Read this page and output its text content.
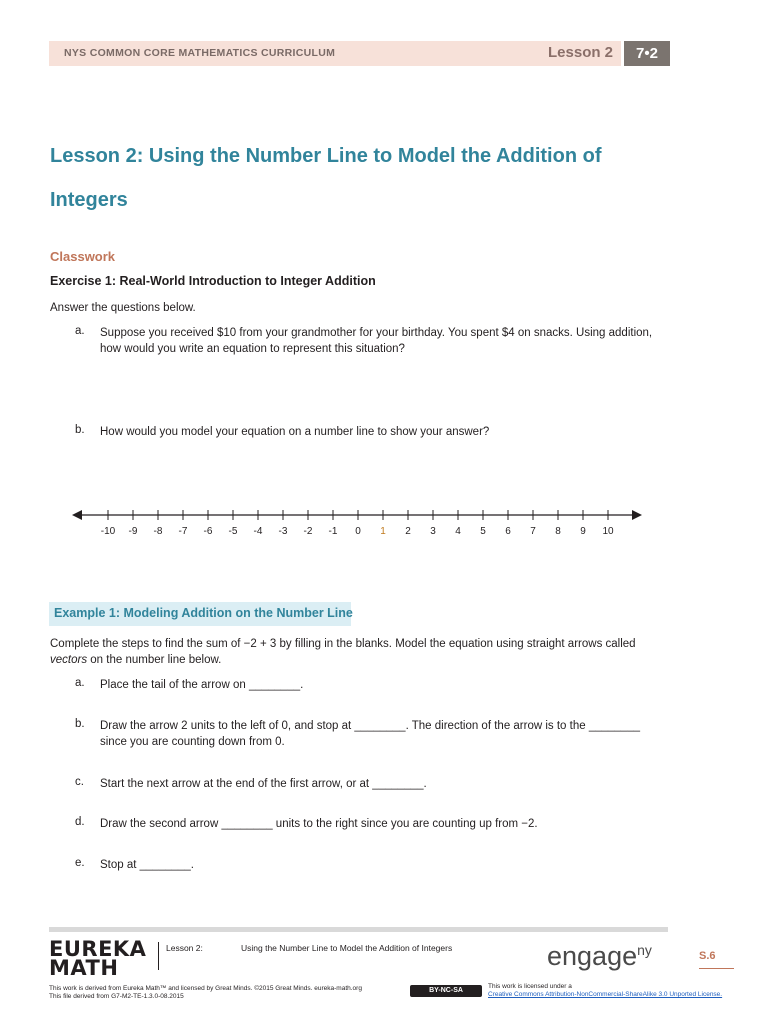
NYS COMMON CORE MATHEMATICS CURRICULUM	Lesson 2	7•2
Lesson 2: Using the Number Line to Model the Addition of
Integers
Classwork
Exercise 1: Real-World Introduction to Integer Addition
Answer the questions below.
a. Suppose you received $10 from your grandmother for your birthday. You spent $4 on snacks. Using addition, how would you write an equation to represent this situation?
b. How would you model your equation on a number line to show your answer?
-10 -9 -8 -7 -6 -5 -4 -3 -2 -1 0 1 2 3 4 5 6 7 8 9 10
Example 1: Modeling Addition on the Number Line
Complete the steps to find the sum of −2 + 3 by filling in the blanks. Model the equation using straight arrows called vectors on the number line below.
a. Place the tail of the arrow on ________.
b. Draw the arrow 2 units to the left of 0, and stop at ________. The direction of the arrow is to the ________ since you are counting down from 0.
c. Start the next arrow at the end of the first arrow, or at ________.
d. Draw the second arrow ________ units to the right since you are counting up from −2.
e. Stop at ________.
EUREKA
MATH
Lesson 2:	Using the Number Line to Model the Addition of Integers	engage$^{ny}$	S.6
This work is derived from Eureka Math™ and licensed by Great Minds. ©2015 Great Minds. eureka-math.org
This file derived from G7-M2-TE-1.3.0-08.2015
BY-NC-SA
This work is licensed under a
Creative Commons Attribution-NonCommercial-ShareAlike 3.0 Unported License.
